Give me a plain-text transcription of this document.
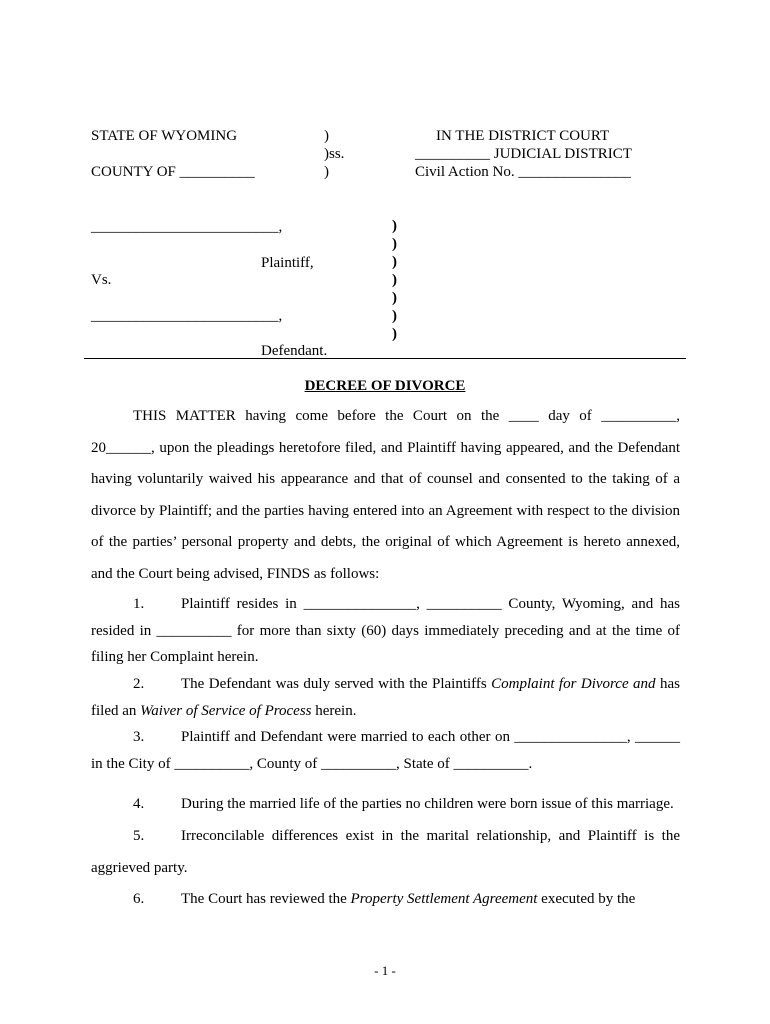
STATE OF WYOMING
COUNTY OF __________
)
)ss.
)
IN THE DISTRICT COURT
__________ JUDICIAL DISTRICT
Civil Action No. _______________
_________________________,
Plaintiff,
Vs.
_________________________,
Defendant.
)
)
)
)
)
)
)
DECREE OF DIVORCE
THIS MATTER having come before the Court on the ____ day of __________,
20______, upon the pleadings heretofore filed, and Plaintiff having appeared, and the Defendant having voluntarily waived his appearance and that of counsel and consented to the taking of a divorce by Plaintiff; and the parties having entered into an Agreement with respect to the division of the parties’ personal property and debts, the original of which Agreement is hereto annexed, and the Court being advised, FINDS as follows:
1. Plaintiff resides in _______________, __________ County, Wyoming, and has
resided in __________ for more than sixty (60) days immediately preceding and at the time of filing her Complaint herein.
2. The Defendant was duly served with the Plaintiffs Complaint for Divorce and has
filed an Waiver of Service of Process herein.
3. Plaintiff and Defendant were married to each other on _______________, ______
in the City of __________, County of __________, State of __________.
4. During the married life of the parties no children were born issue of this marriage.
5. Irreconcilable differences exist in the marital relationship, and Plaintiff is the
aggrieved party.
6. The Court has reviewed the Property Settlement Agreement executed by the
- 1 -
